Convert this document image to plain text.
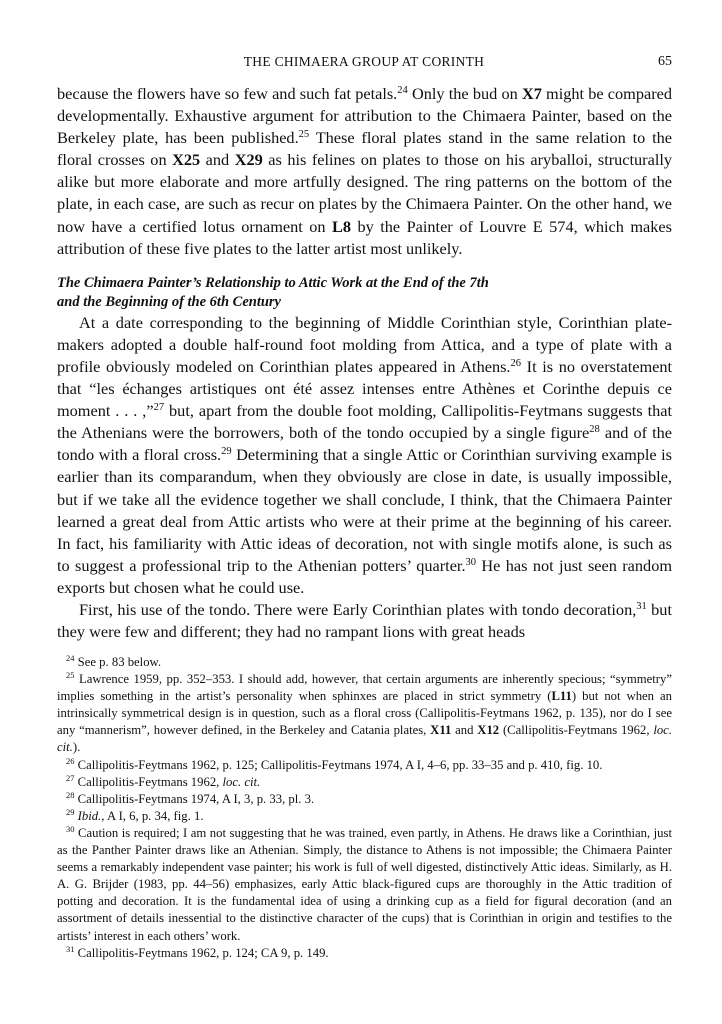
THE CHIMAERA GROUP AT CORINTH	65

because the flowers have so few and such fat petals.$^{24}$ Only the bud on X7 might be compared developmentally. Exhaustive argument for attribution to the Chimaera Painter, based on the Berkeley plate, has been published.$^{25}$ These floral plates stand in the same relation to the floral crosses on X25 and X29 as his felines on plates to those on his aryballoi, structurally alike but more elaborate and more artfully designed. The ring patterns on the bottom of the plate, in each case, are such as recur on plates by the Chimaera Painter. On the other hand, we now have a certified lotus ornament on L8 by the Painter of Louvre E 574, which makes attribution of these five plates to the latter artist most unlikely.

The Chimaera Painter’s Relationship to Attic Work at the End of the 7th
and the Beginning of the 6th Century

At a date corresponding to the beginning of Middle Corinthian style, Corinthian plate-makers adopted a double half-round foot molding from Attica, and a type of plate with a profile obviously modeled on Corinthian plates appeared in Athens.$^{26}$ It is no overstatement that “les échanges artistiques ont été assez intenses entre Athènes et Corinthe depuis ce moment . . . ,”$^{27}$ but, apart from the double foot molding, Callipolitis-Feytmans suggests that the Athenians were the borrowers, both of the tondo occupied by a single figure$^{28}$ and of the tondo with a floral cross.$^{29}$ Determining that a single Attic or Corinthian surviving example is earlier than its comparandum, when they obviously are close in date, is usually impossible, but if we take all the evidence together we shall conclude, I think, that the Chimaera Painter learned a great deal from Attic artists who were at their prime at the beginning of his career. In fact, his familiarity with Attic ideas of decoration, not with single motifs alone, is such as to suggest a professional trip to the Athenian potters’ quarter.$^{30}$ He has not just seen random exports but chosen what he could use.

First, his use of the tondo. There were Early Corinthian plates with tondo decoration,$^{31}$ but they were few and different; they had no rampant lions with great heads

$^{24}$ See p. 83 below.

$^{25}$ Lawrence 1959, pp. 352–353. I should add, however, that certain arguments are inherently specious; “symmetry” implies something in the artist’s personality when sphinxes are placed in strict symmetry (L11) but not when an intrinsically symmetrical design is in question, such as a floral cross (Callipolitis-Feytmans 1962, p. 135), nor do I see any “mannerism”, however defined, in the Berkeley and Catania plates, X11 and X12 (Callipolitis-Feytmans 1962, loc. cit.).

$^{26}$ Callipolitis-Feytmans 1962, p. 125; Callipolitis-Feytmans 1974, A I, 4–6, pp. 33–35 and p. 410, fig. 10.

$^{27}$ Callipolitis-Feytmans 1962, loc. cit.

$^{28}$ Callipolitis-Feytmans 1974, A I, 3, p. 33, pl. 3.

$^{29}$ Ibid., A I, 6, p. 34, fig. 1.

$^{30}$ Caution is required; I am not suggesting that he was trained, even partly, in Athens. He draws like a Corinthian, just as the Panther Painter draws like an Athenian. Simply, the distance to Athens is not impossible; the Chimaera Painter seems a remarkably independent vase painter; his work is full of well digested, distinctively Attic ideas. Similarly, as H. A. G. Brijder (1983, pp. 44–56) emphasizes, early Attic black-figured cups are thoroughly in the Attic tradition of potting and decoration. It is the fundamental idea of using a drinking cup as a field for figural decoration (and an assortment of details inessential to the distinctive character of the cups) that is Corinthian in origin and testifies to the artists’ interest in each others’ work.

$^{31}$ Callipolitis-Feytmans 1962, p. 124; CA 9, p. 149.
